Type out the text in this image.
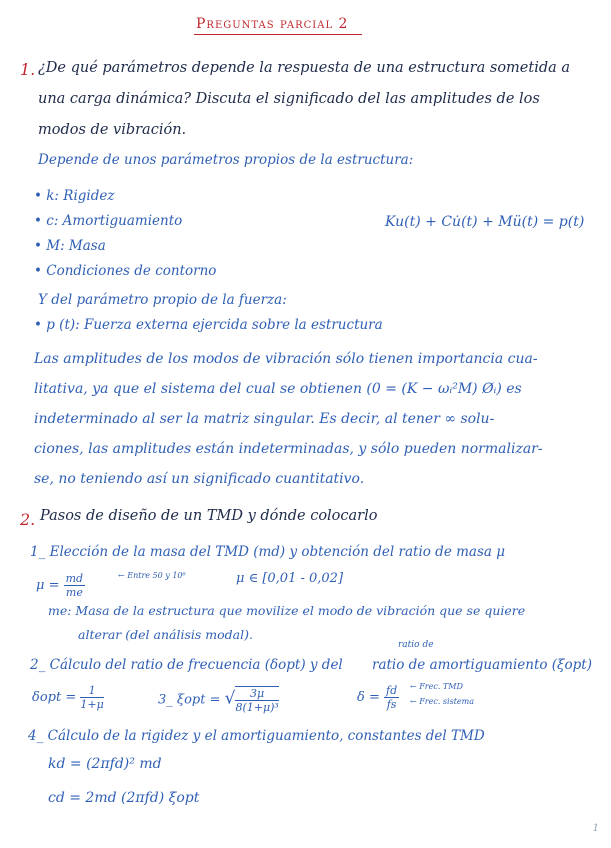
Preguntas parcial 2
1. ¿De qué parámetros depende la respuesta de una estructura sometida a
una carga dinámica? Discuta el significado del las amplitudes de los
modos de vibración.
Depende de unos parámetros propios de la estructura:
• k: Rigidez
• c: Amortiguamiento
• M: Masa
• Condiciones de contorno
Ku(t) + Cu̇(t) + Mü(t) = p(t)
Y del parámetro propio de la fuerza:
• p (t): Fuerza externa ejercida sobre la estructura
Las amplitudes de los modos de vibración sólo tienen importancia cua-
litativa, ya que el sistema del cual se obtienen (0 = (K − ωᵢ²M) Øᵢ) es
indeterminado al ser la matriz singular. Es decir, al tener ∞ solu-
ciones, las amplitudes están indeterminadas, y sólo pueden normalizar-
se, no teniendo así un significado cuantitativo.
2. Pasos de diseño de un TMD y dónde colocarlo
1_ Elección de la masa del TMD (md) y obtención del ratio de masa μ
$\mu = \frac{md}{me}$	← Entre 50 y 10⁶	μ ∈ [0,01 - 0,02]
me: Masa de la estructura que movilize el modo de vibración que se quiere
alterar (del análisis modal).
2_ Cálculo del ratio de frecuencia (δopt) y del
ratio de
ratio de amortiguamiento (ξopt)
$\delta opt = \frac{1}{1+\mu}$	3_ ξopt = √ $\frac{3\mu}{\text{8(1+μ)³}}$	$\delta = \frac{fd}{fs}$ ← Frec. TMD
← Frec. sistema
4_ Cálculo de la rigidez y el amortiguamiento, constantes del TMD
kd = (2πfd)² md
cd = 2md (2πfd) ξopt
1
